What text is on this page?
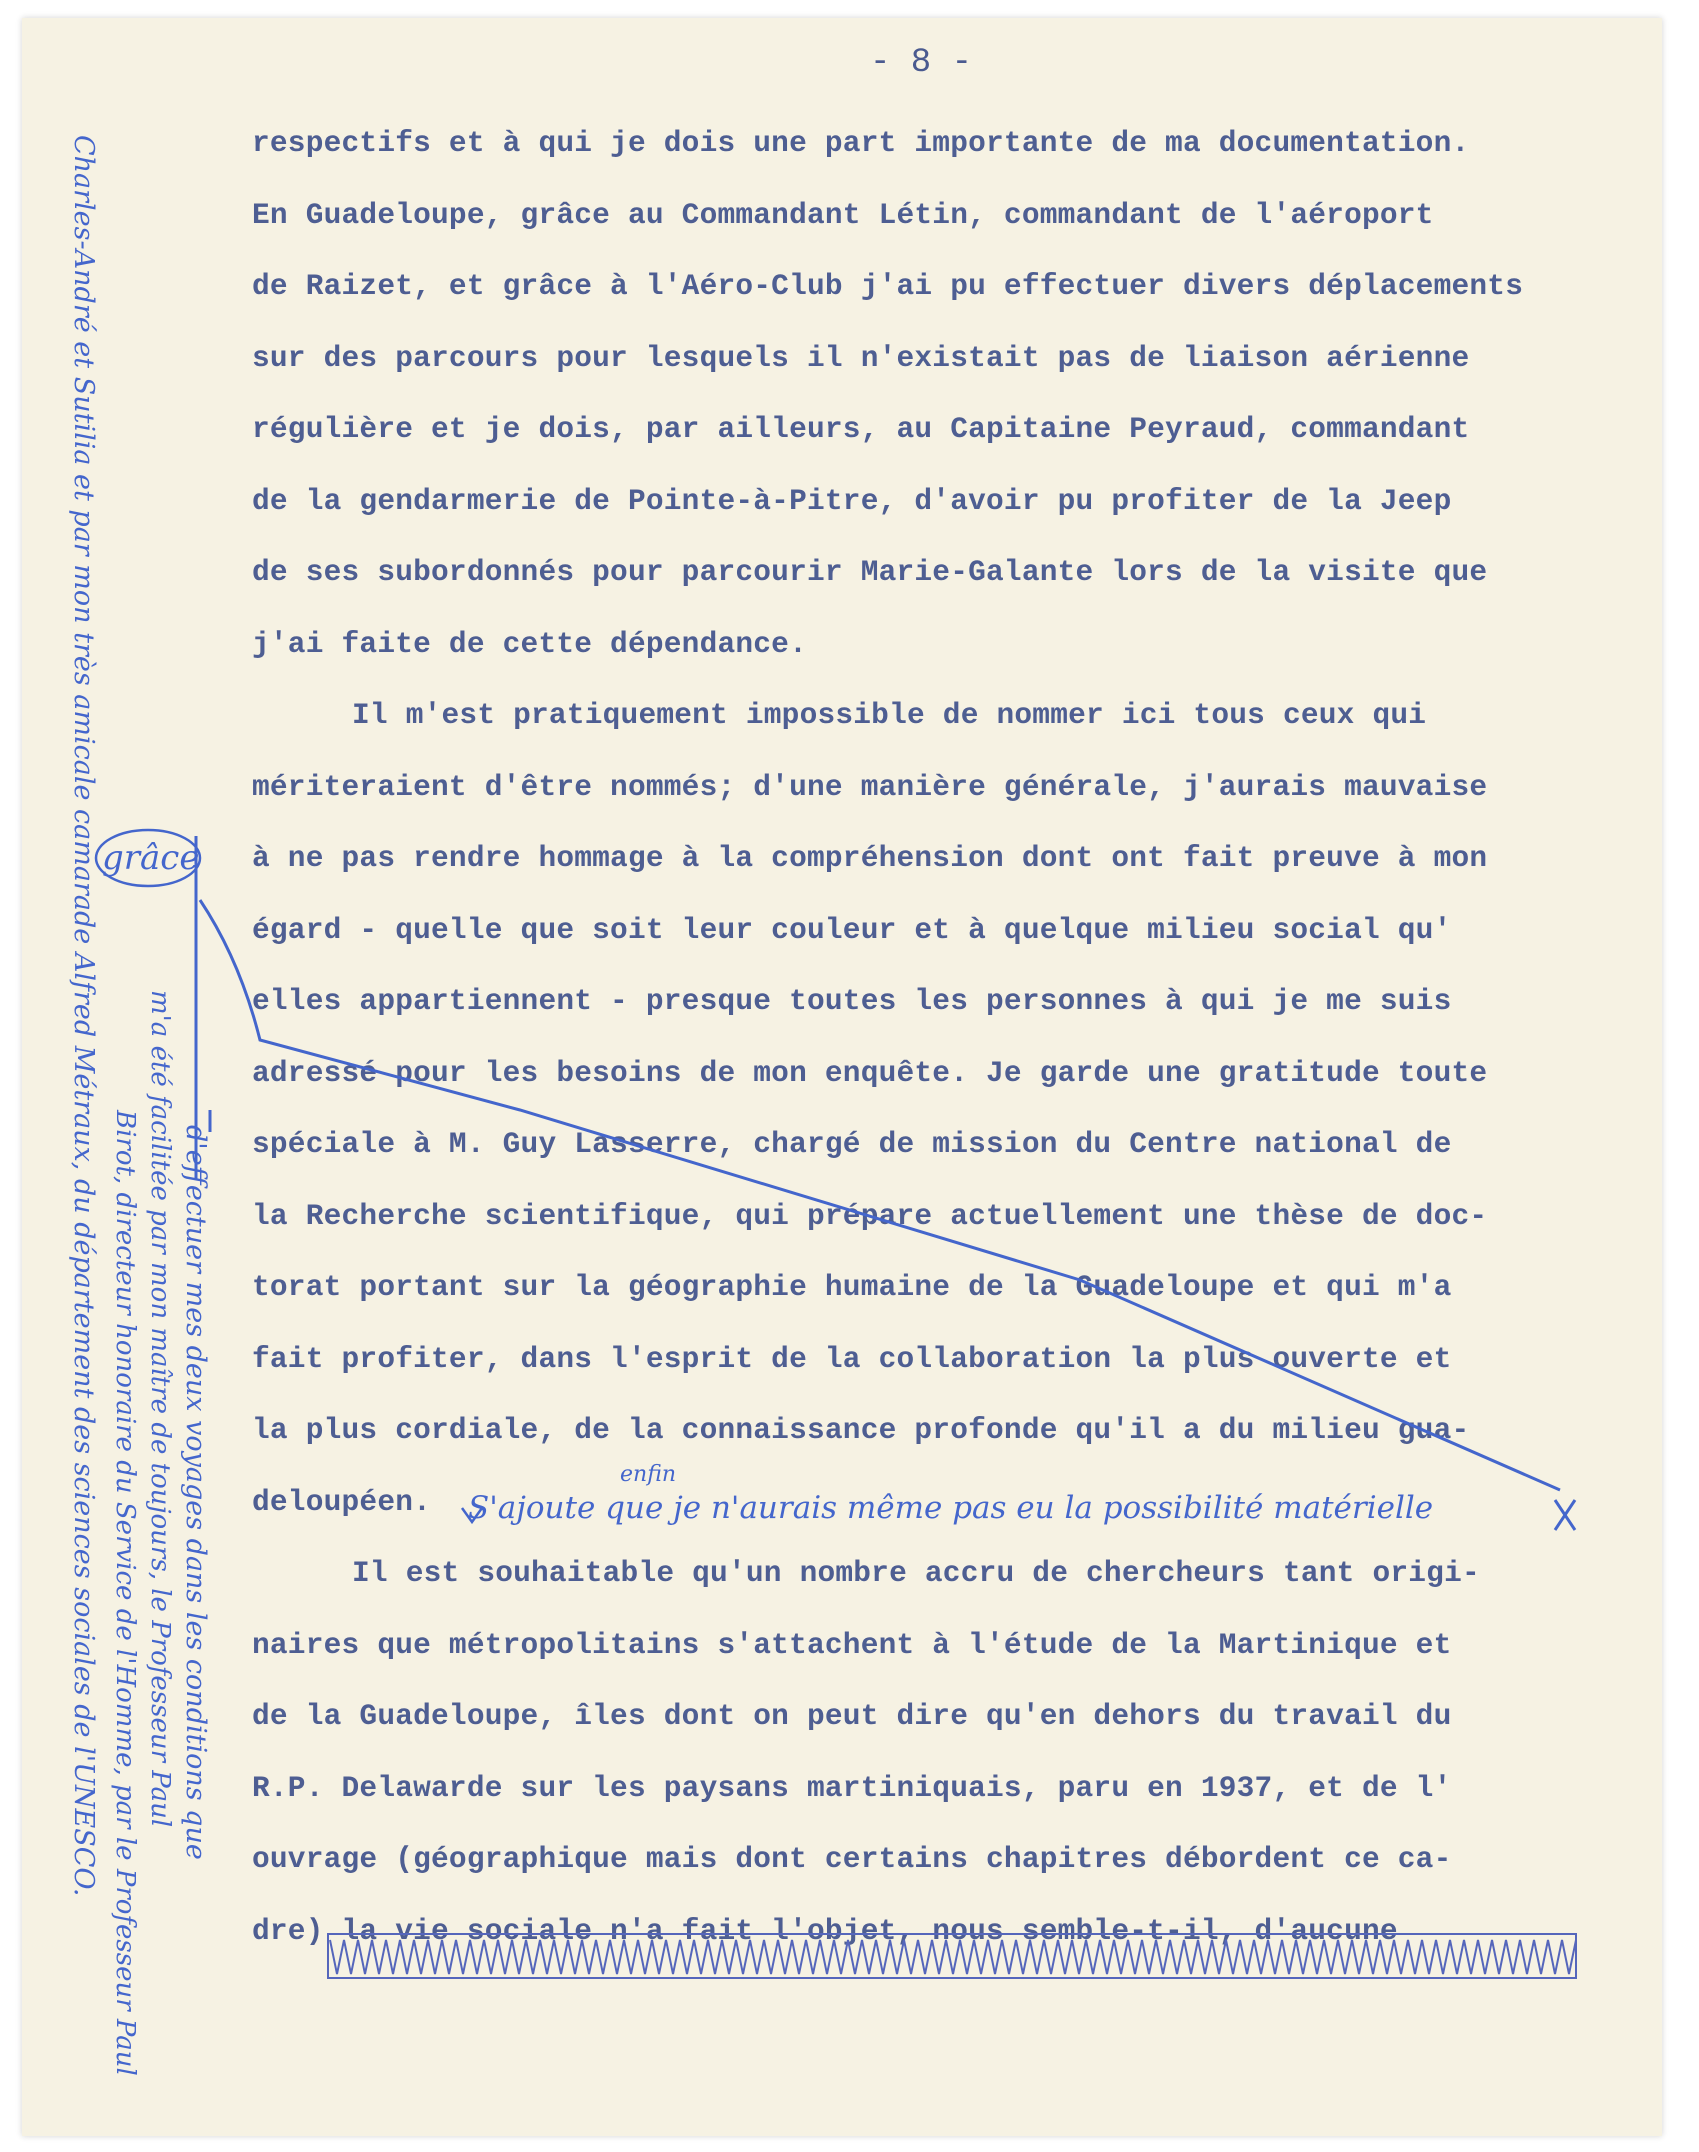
- 8 -
respectifs et à qui je dois une part importante de ma documentation.
En Guadeloupe, grâce au Commandant Létin, commandant de l'aéroport
de Raizet, et grâce à l'Aéro-Club j'ai pu effectuer divers déplacements
sur des parcours pour lesquels il n'existait pas de liaison aérienne
régulière et je dois, par ailleurs, au Capitaine Peyraud, commandant
de la gendarmerie de Pointe-à-Pitre, d'avoir pu profiter de la Jeep
de ses subordonnés pour parcourir Marie-Galante lors de la visite que
j'ai faite de cette dépendance.
Il m'est pratiquement impossible de nommer ici tous ceux qui
mériteraient d'être nommés; d'une manière générale, j'aurais mauvaise
à ne pas rendre hommage à la compréhension dont ont fait preuve à mon
égard - quelle que soit leur couleur et à quelque milieu social qu'
elles appartiennent - presque toutes les personnes à qui je me suis
adressé pour les besoins de mon enquête. Je garde une gratitude toute
spéciale à M. Guy Lasserre, chargé de mission du Centre national de
la Recherche scientifique, qui prépare actuellement une thèse de doc-
torat portant sur la géographie humaine de la Guadeloupe et qui m'a
fait profiter, dans l'esprit de la collaboration la plus ouverte et
la plus cordiale, de la connaissance profonde qu'il a du milieu gua-
deloupéen.
Il est souhaitable qu'un nombre accru de chercheurs tant origi-
naires que métropolitains s'attachent à l'étude de la Martinique et
de la Guadeloupe, îles dont on peut dire qu'en dehors du travail du
R.P. Delawarde sur les paysans martiniquais, paru en 1937, et de l'
ouvrage (géographique mais dont certains chapitres débordent ce ca-
dre) la vie sociale n'a fait l'objet, nous semble-t-il, d'aucune
Charles-André et Sutilia et par mon très amicale camarade Alfred Métraux, du département des sciences sociales de l'UNESCO. Birot, directeur honoraire du Service de l'Homme, par le Professeur Paul m'a été facilitée par mon maître de toujours, le Professeur Paul d'effectuer mes deux voyages dans les conditions que
grâce
enfin
S'ajoute que je n'aurais même pas eu la possibilité matérielle
